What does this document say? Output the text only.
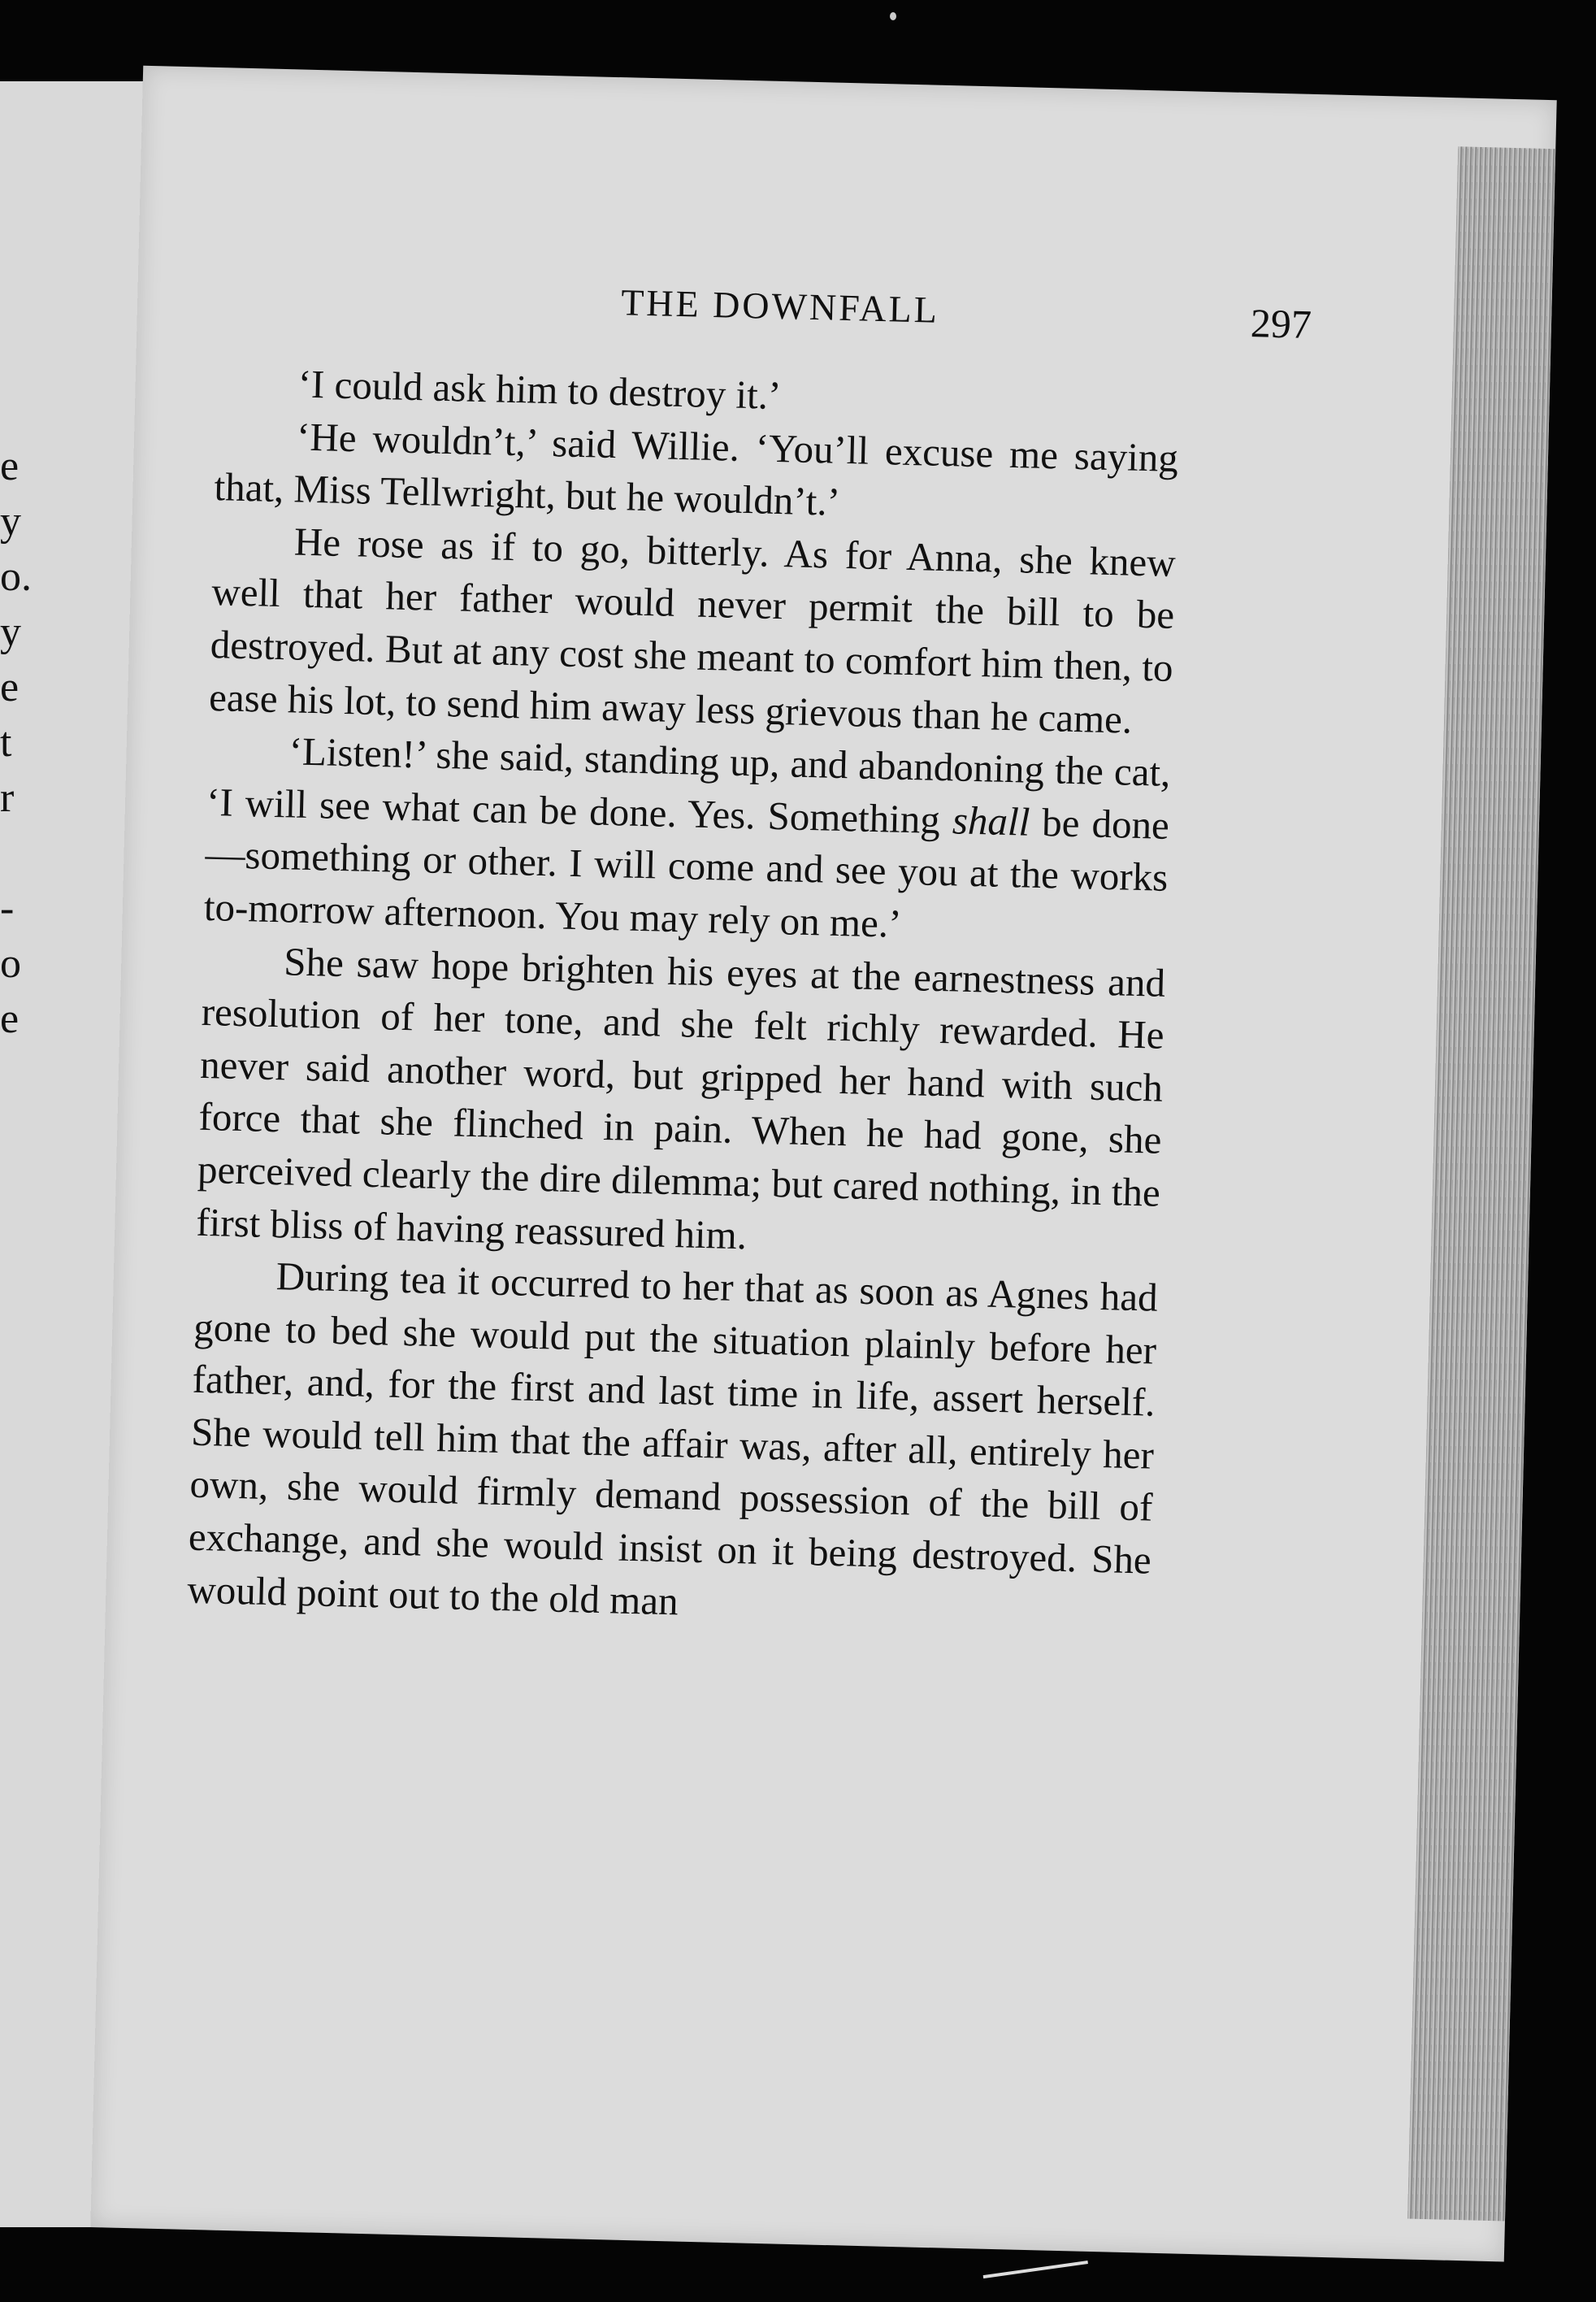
e
y
o.
y
e
t
r

-
o
e
THE DOWNFALL	297

‘I could ask him to destroy it.’

‘He wouldn’t,’ said Willie. ‘You’ll excuse me saying that, Miss Tellwright, but he wouldn’t.’

He rose as if to go, bitterly. As for Anna, she knew well that her father would never permit the bill to be destroyed. But at any cost she meant to comfort him then, to ease his lot, to send him away less grievous than he came.

‘Listen!’ she said, standing up, and abandoning the cat, ‘I will see what can be done. Yes. Something shall be done—something or other. I will come and see you at the works to-morrow afternoon. You may rely on me.’

She saw hope brighten his eyes at the earnestness and resolution of her tone, and she felt richly rewarded. He never said another word, but gripped her hand with such force that she flinched in pain. When he had gone, she perceived clearly the dire dilemma; but cared nothing, in the first bliss of having reassured him.

During tea it occurred to her that as soon as Agnes had gone to bed she would put the situation plainly before her father, and, for the first and last time in life, assert herself. She would tell him that the affair was, after all, entirely her own, she would firmly demand possession of the bill of exchange, and she would insist on it being destroyed. She would point out to the old man
